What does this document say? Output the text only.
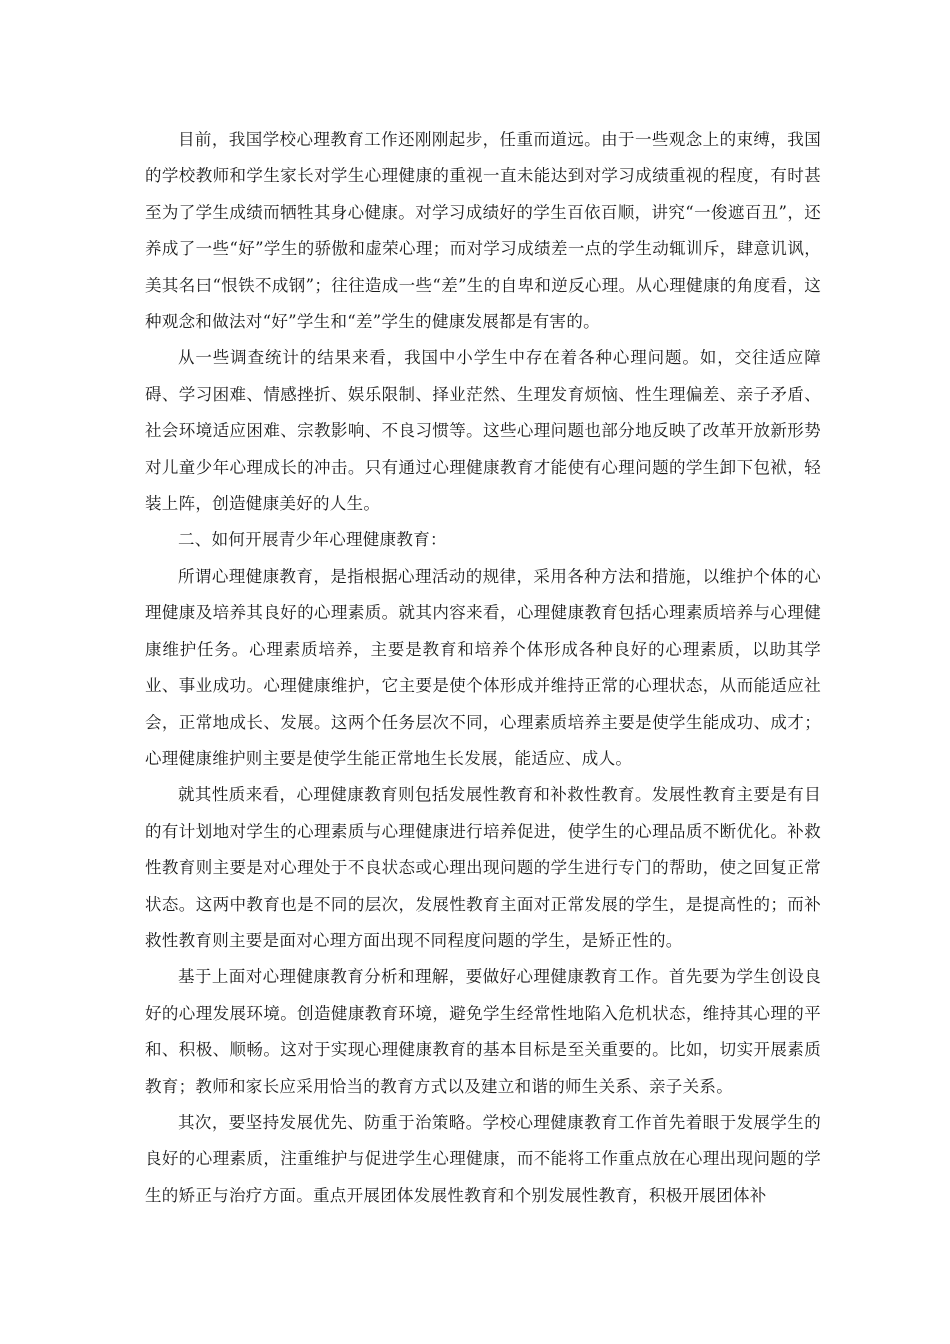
目前，我国学校心理教育工作还刚刚起步，任重而道远。由于一些观念上的束缚，我国的学校教师和学生家长对学生心理健康的重视一直未能达到对学习成绩重视的程度，有时甚至为了学生成绩而牺牲其身心健康。对学习成绩好的学生百依百顺，讲究“一俊遮百丑”，还养成了一些“好”学生的骄傲和虚荣心理；而对学习成绩差一点的学生动辄训斥，肆意讥讽，美其名曰“恨铁不成钢”；往往造成一些“差”生的自卑和逆反心理。从心理健康的角度看，这种观念和做法对“好”学生和“差”学生的健康发展都是有害的。

从一些调查统计的结果来看，我国中小学生中存在着各种心理问题。如，交往适应障碍、学习困难、情感挫折、娱乐限制、择业茫然、生理发育烦恼、性生理偏差、亲子矛盾、社会环境适应困难、宗教影响、不良习惯等。这些心理问题也部分地反映了改革开放新形势对儿童少年心理成长的冲击。只有通过心理健康教育才能使有心理问题的学生卸下包袱，轻装上阵，创造健康美好的人生。

二、如何开展青少年心理健康教育：

所谓心理健康教育，是指根据心理活动的规律，采用各种方法和措施，以维护个体的心理健康及培养其良好的心理素质。就其内容来看，心理健康教育包括心理素质培养与心理健康维护任务。心理素质培养，主要是教育和培养个体形成各种良好的心理素质，以助其学业、事业成功。心理健康维护，它主要是使个体形成并维持正常的心理状态，从而能适应社会，正常地成长、发展。这两个任务层次不同，心理素质培养主要是使学生能成功、成才；心理健康维护则主要是使学生能正常地生长发展，能适应、成人。

就其性质来看，心理健康教育则包括发展性教育和补救性教育。发展性教育主要是有目的有计划地对学生的心理素质与心理健康进行培养促进，使学生的心理品质不断优化。补救性教育则主要是对心理处于不良状态或心理出现问题的学生进行专门的帮助，使之回复正常状态。这两中教育也是不同的层次，发展性教育主面对正常发展的学生，是提高性的；而补救性教育则主要是面对心理方面出现不同程度问题的学生，是矫正性的。

基于上面对心理健康教育分析和理解，要做好心理健康教育工作。首先要为学生创设良好的心理发展环境。创造健康教育环境，避免学生经常性地陷入危机状态，维持其心理的平和、积极、顺畅。这对于实现心理健康教育的基本目标是至关重要的。比如，切实开展素质教育；教师和家长应采用恰当的教育方式以及建立和谐的师生关系、亲子关系。

其次，要坚持发展优先、防重于治策略。学校心理健康教育工作首先着眼于发展学生的良好的心理素质，注重维护与促进学生心理健康，而不能将工作重点放在心理出现问题的学生的矫正与治疗方面。重点开展团体发展性教育和个别发展性教育，积极开展团体补
